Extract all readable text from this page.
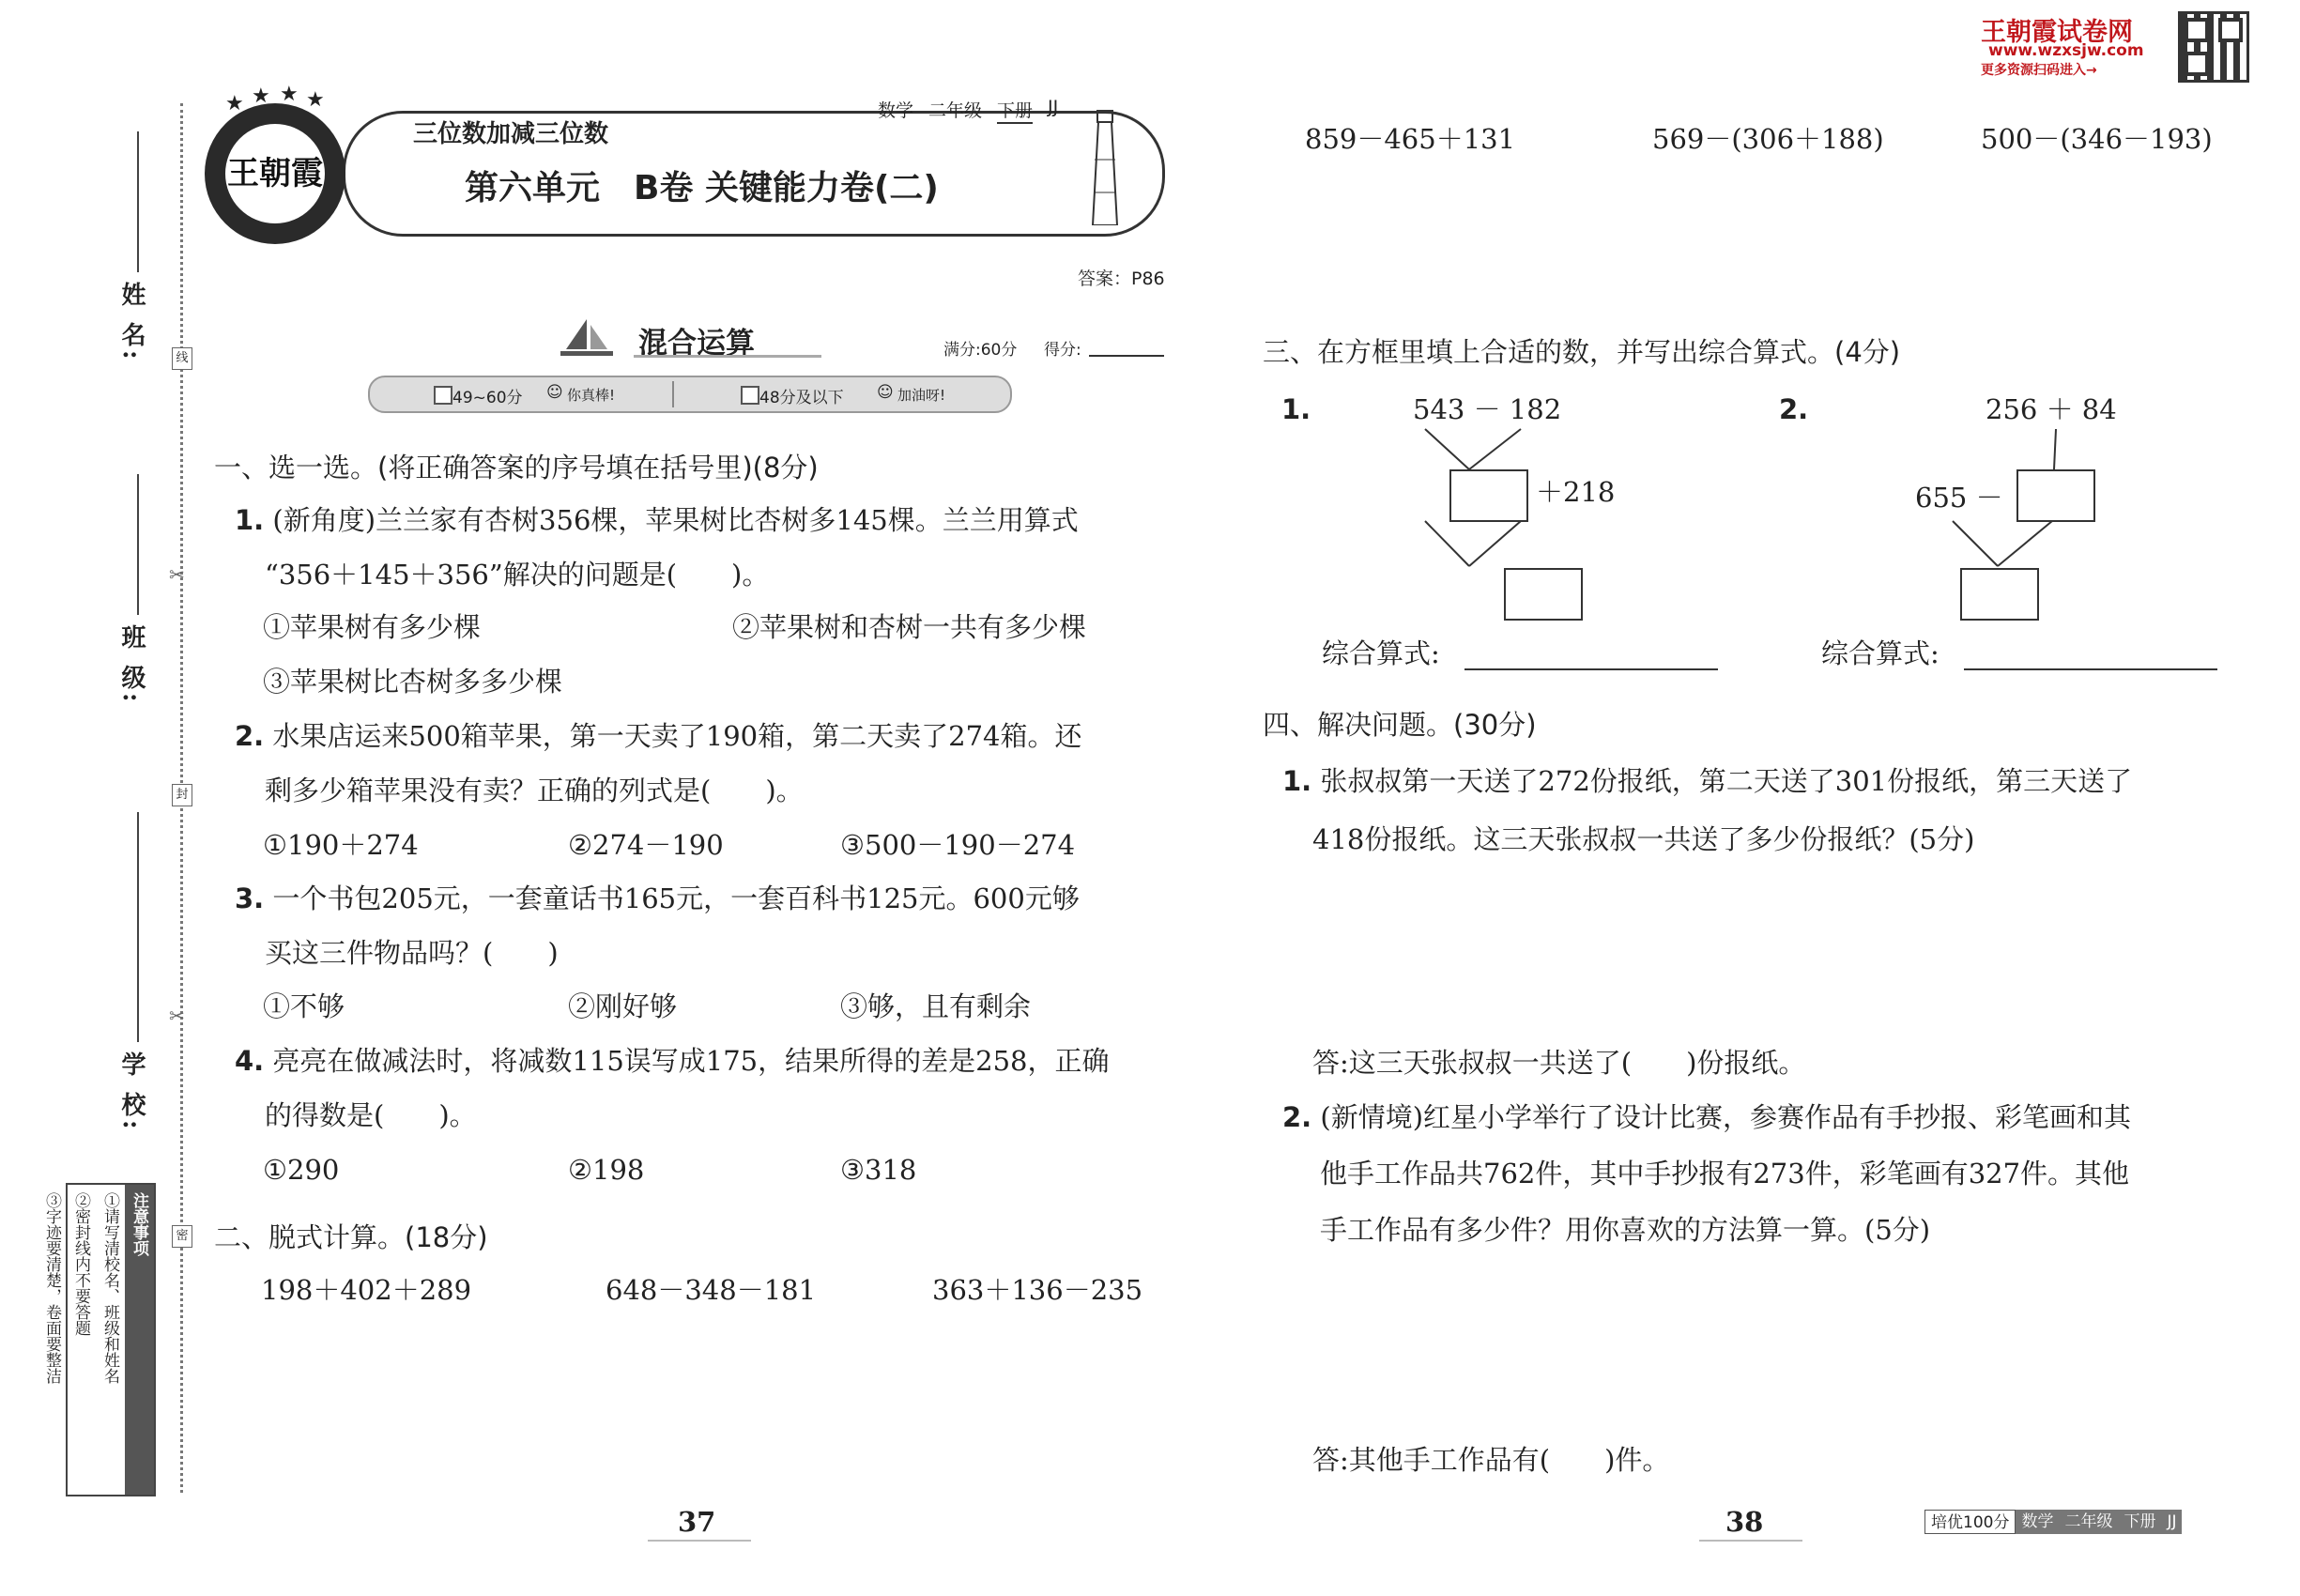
王朝霞试卷网
www.wzxsjw.com
更多资源扫码进入→
姓 名:
班 级:
学 校:
线
封
密
✂
✂
注意事项
①请写清校名、班级和姓名
②密封线内不要答题
③字迹要清楚，卷面要整洁
王朝霞
★ ★ ★ ★
三位数加减三位数
数学 二年级 下册 JJ
第六单元　B卷 关键能力卷(二)
答案：P86
混合运算	满分:60分 得分:
49~60分 ☺ 你真棒!	48分及以下 ☺ 加油呀!
一、选一选。(将正确答案的序号填在括号里)(8分)
1. (新角度)兰兰家有杏树356棵，苹果树比杏树多145棵。兰兰用算式
“356＋145＋356”解决的问题是(　　)。
①苹果树有多少棵	②苹果树和杏树一共有多少棵
③苹果树比杏树多多少棵
2. 水果店运来500箱苹果，第一天卖了190箱，第二天卖了274箱。还
剩多少箱苹果没有卖？正确的列式是(　　)。
①190＋274	②274－190	③500－190－274
3. 一个书包205元，一套童话书165元，一套百科书125元。600元够
买这三件物品吗？(　　)
①不够	②刚好够	③够，且有剩余
4. 亮亮在做减法时，将减数115误写成175，结果所得的差是258，正确
的得数是(　　)。
①290	②198	③318
二、脱式计算。(18分)
198＋402＋289	648－348－181	363＋136－235
37
859－465＋131	569－(306＋188)	500－(346－193)
三、在方框里填上合适的数，并写出综合算式。(4分)
1.	543 － 182
＋218
综合算式:
2.	256 ＋ 84
655 －
综合算式:
四、解决问题。(30分)
1. 张叔叔第一天送了272份报纸，第二天送了301份报纸，第三天送了
418份报纸。这三天张叔叔一共送了多少份报纸？(5分)
答:这三天张叔叔一共送了(　　)份报纸。
2. (新情境)红星小学举行了设计比赛，参赛作品有手抄报、彩笔画和其
他手工作品共762件，其中手抄报有273件，彩笔画有327件。其他
手工作品有多少件？用你喜欢的方法算一算。(5分)
答:其他手工作品有(　　)件。
38	培优100分 数学 二年级 下册 JJ
